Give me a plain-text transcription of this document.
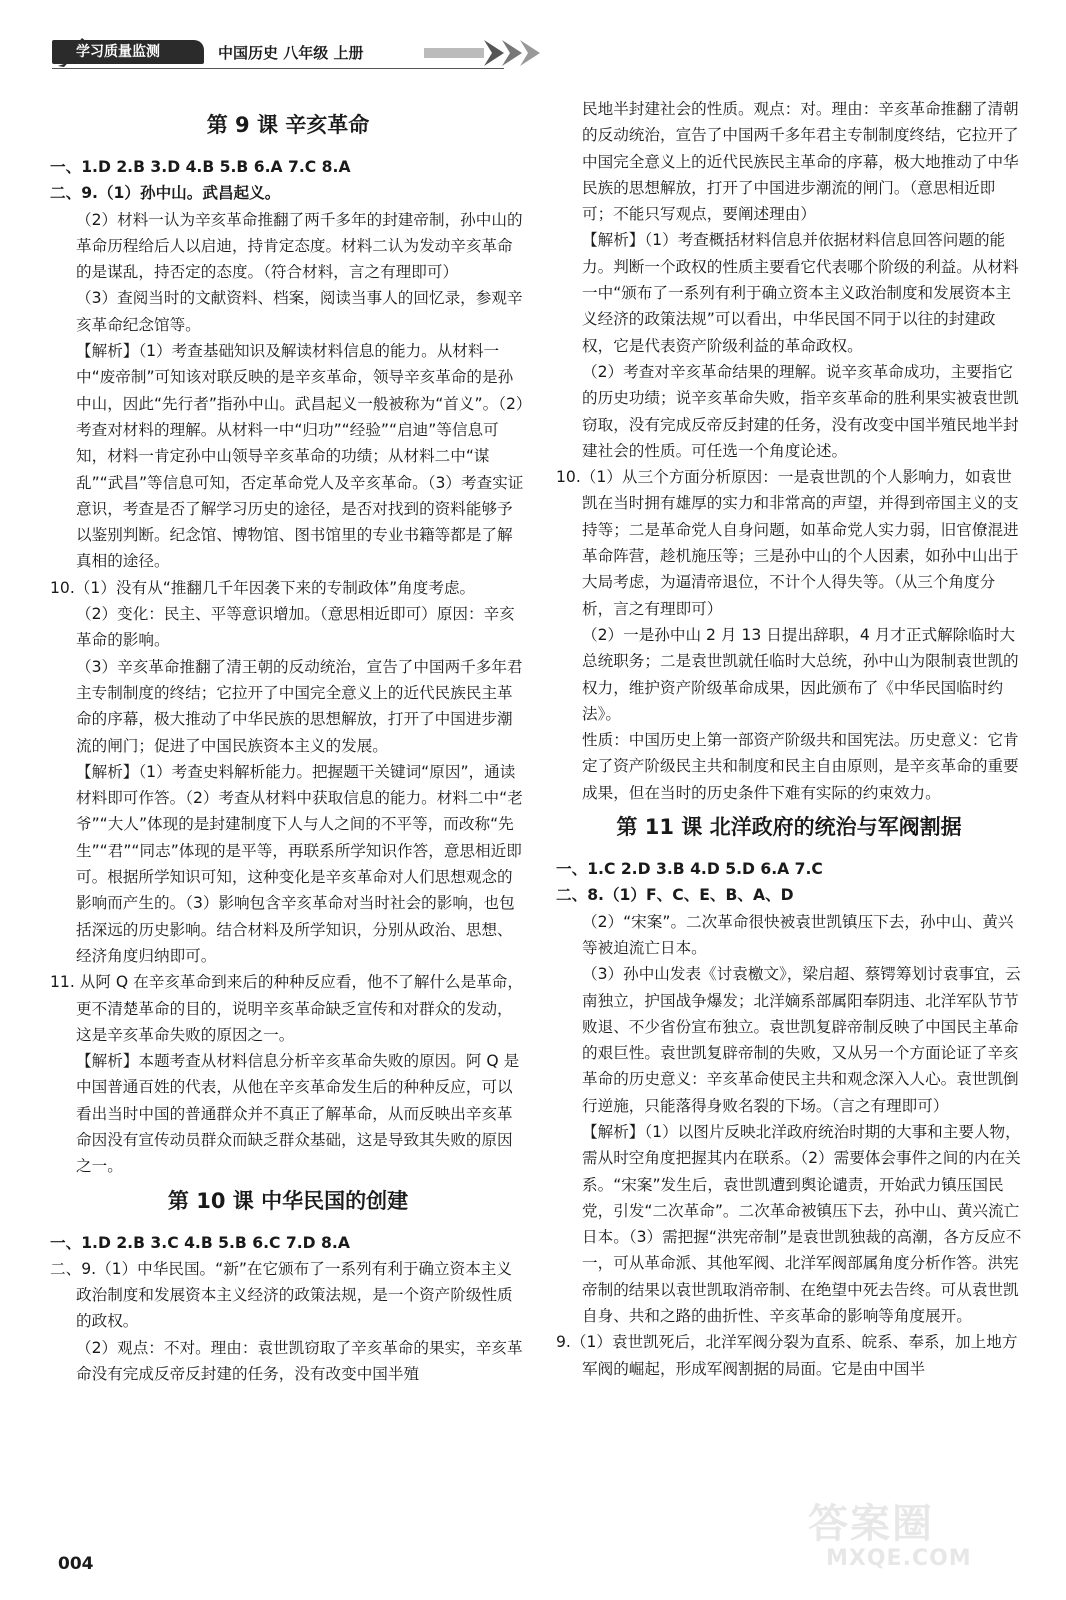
学习质量监测	中国历史 八年级 上册
第 9 课 辛亥革命

一、1.D 2.B 3.D 4.B 5.B 6.A 7.C 8.A

二、9.（1）孙中山。武昌起义。

（2）材料一认为辛亥革命推翻了两千多年的封建帝制，孙中山的革命历程给后人以启迪，持肯定态度。材料二认为发动辛亥革命的是谋乱，持否定的态度。（符合材料，言之有理即可）

（3）查阅当时的文献资料、档案，阅读当事人的回忆录，参观辛亥革命纪念馆等。

【解析】（1）考查基础知识及解读材料信息的能力。从材料一中“废帝制”可知该对联反映的是辛亥革命，领导辛亥革命的是孙中山，因此“先行者”指孙中山。武昌起义一般被称为“首义”。（2）考查对材料的理解。从材料一中“归功”“经验”“启迪”等信息可知，材料一肯定孙中山领导辛亥革命的功绩；从材料二中“谋乱”“武昌”等信息可知，否定革命党人及辛亥革命。（3）考查实证意识，考查是否了解学习历史的途径，是否对找到的资料能够予以鉴别判断。纪念馆、博物馆、图书馆里的专业书籍等都是了解真相的途径。

10.（1）没有从“推翻几千年因袭下来的专制政体”角度考虑。

（2）变化：民主、平等意识增加。（意思相近即可）原因：辛亥革命的影响。

（3）辛亥革命推翻了清王朝的反动统治，宣告了中国两千多年君主专制制度的终结；它拉开了中国完全意义上的近代民族民主革命的序幕，极大推动了中华民族的思想解放，打开了中国进步潮流的闸门；促进了中国民族资本主义的发展。

【解析】（1）考查史料解析能力。把握题干关键词“原因”，通读材料即可作答。（2）考查从材料中获取信息的能力。材料二中“老爷”“大人”体现的是封建制度下人与人之间的不平等，而改称“先生”“君”“同志”体现的是平等，再联系所学知识作答，意思相近即可。根据所学知识可知，这种变化是辛亥革命对人们思想观念的影响而产生的。（3）影响包含辛亥革命对当时社会的影响，也包括深远的历史影响。结合材料及所学知识，分别从政治、思想、经济角度归纳即可。

11. 从阿 Q 在辛亥革命到来后的种种反应看，他不了解什么是革命，更不清楚革命的目的，说明辛亥革命缺乏宣传和对群众的发动，这是辛亥革命失败的原因之一。

【解析】本题考查从材料信息分析辛亥革命失败的原因。阿 Q 是中国普通百姓的代表，从他在辛亥革命发生后的种种反应，可以看出当时中国的普通群众并不真正了解革命，从而反映出辛亥革命因没有宣传动员群众而缺乏群众基础，这是导致其失败的原因之一。

第 10 课 中华民国的创建

一、1.D 2.B 3.C 4.B 5.B 6.C 7.D 8.A

二、9.（1）中华民国。“新”在它颁布了一系列有利于确立资本主义政治制度和发展资本主义经济的政策法规，是一个资产阶级性质的政权。

（2）观点：不对。理由：袁世凯窃取了辛亥革命的果实，辛亥革命没有完成反帝反封建的任务，没有改变中国半殖

民地半封建社会的性质。观点：对。理由：辛亥革命推翻了清朝的反动统治，宣告了中国两千多年君主专制制度终结，它拉开了中国完全意义上的近代民族民主革命的序幕，极大地推动了中华民族的思想解放，打开了中国进步潮流的闸门。（意思相近即可；不能只写观点，要阐述理由）

【解析】（1）考查概括材料信息并依据材料信息回答问题的能力。判断一个政权的性质主要看它代表哪个阶级的利益。从材料一中“颁布了一系列有利于确立资本主义政治制度和发展资本主义经济的政策法规”可以看出，中华民国不同于以往的封建政权，它是代表资产阶级利益的革命政权。

（2）考查对辛亥革命结果的理解。说辛亥革命成功，主要指它的历史功绩；说辛亥革命失败，指辛亥革命的胜利果实被袁世凯窃取，没有完成反帝反封建的任务，没有改变中国半殖民地半封建社会的性质。可任选一个角度论述。

10.（1）从三个方面分析原因：一是袁世凯的个人影响力，如袁世凯在当时拥有雄厚的实力和非常高的声望，并得到帝国主义的支持等；二是革命党人自身问题，如革命党人实力弱，旧官僚混进革命阵营，趁机施压等；三是孙中山的个人因素，如孙中山出于大局考虑，为逼清帝退位，不计个人得失等。（从三个角度分析，言之有理即可）

（2）一是孙中山 2 月 13 日提出辞职，4 月才正式解除临时大总统职务；二是袁世凯就任临时大总统，孙中山为限制袁世凯的权力，维护资产阶级革命成果，因此颁布了《中华民国临时约法》。

性质：中国历史上第一部资产阶级共和国宪法。历史意义：它肯定了资产阶级民主共和制度和民主自由原则，是辛亥革命的重要成果，但在当时的历史条件下难有实际的约束效力。

第 11 课 北洋政府的统治与军阀割据

一、1.C 2.D 3.B 4.D 5.D 6.A 7.C

二、8.（1）F、C、E、B、A、D

（2）“宋案”。二次革命很快被袁世凯镇压下去，孙中山、黄兴等被迫流亡日本。

（3）孙中山发表《讨袁檄文》，梁启超、蔡锷筹划讨袁事宜，云南独立，护国战争爆发；北洋嫡系部属阳奉阴违、北洋军队节节败退、不少省份宣布独立。袁世凯复辟帝制反映了中国民主革命的艰巨性。袁世凯复辟帝制的失败，又从另一个方面论证了辛亥革命的历史意义：辛亥革命使民主共和观念深入人心。袁世凯倒行逆施，只能落得身败名裂的下场。（言之有理即可）

【解析】（1）以图片反映北洋政府统治时期的大事和主要人物，需从时空角度把握其内在联系。（2）需要体会事件之间的内在关系。“宋案”发生后，袁世凯遭到舆论谴责，开始武力镇压国民党，引发“二次革命”。二次革命被镇压下去，孙中山、黄兴流亡日本。（3）需把握“洪宪帝制”是袁世凯独裁的高潮，各方反应不一，可从革命派、其他军阀、北洋军阀部属角度分析作答。洪宪帝制的结果以袁世凯取消帝制、在绝望中死去告终。可从袁世凯自身、共和之路的曲折性、辛亥革命的影响等角度展开。

9.（1）袁世凯死后，北洋军阀分裂为直系、皖系、奉系，加上地方军阀的崛起，形成军阀割据的局面。它是由中国半

004
答案圈
MXQE.COM
